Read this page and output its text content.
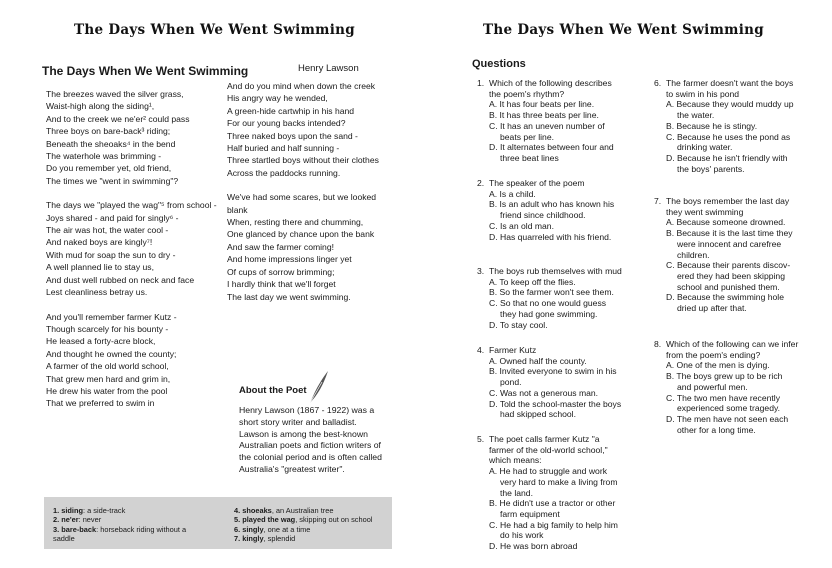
The Days When We Went Swimming	The Days When We Went Swimming
The Days When We Went Swimming	Henry Lawson
The breezes waved the silver grass,
Waist-high along the siding¹,
And to the creek we ne'er² could pass
Three boys on bare-back³ riding;
Beneath the sheoaks⁴ in the bend
The waterhole was brimming -
Do you remember yet, old friend,
The times we "went in swimming"?
The days we "played the wag"⁵ from school -
Joys shared - and paid for singly⁶ -
The air was hot, the water cool -
And naked boys are kingly⁷!
With mud for soap the sun to dry -
A well planned lie to stay us,
And dust well rubbed on neck and face
Lest cleanliness betray us.
And you'll remember farmer Kutz -
Though scarcely for his bounty -
He leased a forty-acre block,
And thought he owned the county;
A farmer of the old world school,
That grew men hard and grim in,
He drew his water from the pool
That we preferred to swim in
And do you mind when down the creek
His angry way he wended,
A green-hide cartwhip in his hand
For our young backs intended?
Three naked boys upon the sand -
Half buried and half sunning -
Three startled boys without their clothes
Across the paddocks running.
We've had some scares, but we looked
blank
When, resting there and chumming,
One glanced by chance upon the bank
And saw the farmer coming!
And home impressions linger yet
Of cups of sorrow brimming;
I hardly think that we'll forget
The last day we went swimming.
About the Poet
Henry Lawson (1867 - 1922) was a
short story writer and balladist.
Lawson is among the best-known
Australian poets and fiction writers of
the colonial period and is often called
Australia's "greatest writer".
1. siding: a side-track
2. ne'er: never
3. bare-back: horseback riding without a
saddle
4. shoeaks, an Australian tree
5. played the wag, skipping out on school
6. singly, one at a time
7. kingly, splendid
Questions
1. Which of the following describes
the poem's rhythm?
A. It has four beats per line.
B. It has three beats per line.
C. It has an uneven number of
beats per line.
D. It alternates between four and
three beat lines
2. The speaker of the poem
A. Is a child.
B. Is an adult who has known his
friend since childhood.
C. Is an old man.
D. Has quarreled with his friend.
3. The boys rub themselves with mud
A. To keep off the flies.
B. So the farmer won't see them.
C. So that no one would guess
they had gone swimming.
D. To stay cool.
4. Farmer Kutz
A. Owned half the county.
B. Invited everyone to swim in his
pond.
C. Was not a generous man.
D. Told the school-master the boys
had skipped school.
5. The poet calls farmer Kutz "a
farmer of the old-world school,"
which means:
A. He had to struggle and work
very hard to make a living from
the land.
B. He didn't use a tractor or other
farm equipment
C. He had a big family to help him
do his work
D. He was born abroad
6. The farmer doesn't want the boys
to swim in his pond
A. Because they would muddy up
the water.
B. Because he is stingy.
C. Because he uses the pond as
drinking water.
D. Because he isn't friendly with
the boys' parents.
7. The boys remember the last day
they went swimming
A. Because someone drowned.
B. Because it is the last time they
were innocent and carefree
children.
C. Because their parents discov-
ered they had been skipping
school and punished them.
D. Because the swimming hole
dried up after that.
8. Which of the following can we infer
from the poem's ending?
A. One of the men is dying.
B. The boys grew up to be rich
and powerful men.
C. The two men have recently
experienced some tragedy.
D. The men have not seen each
other for a long time.
